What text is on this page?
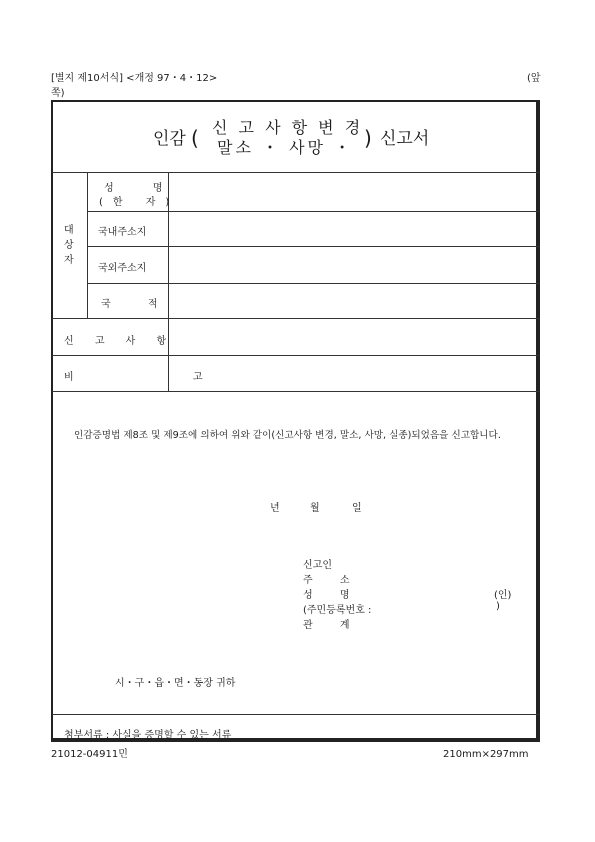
[별지 제10서식] <개정 97・4・12>	(앞
쪽)
인감 ( 신 고 사 항 변 경
말소 ・ 사망 ・ ) 신고서
대
상
자
성 명
(한 자)
국내주소지
국외주소지
국 적
신 고 사 항
비 고
인감증명법 제8조 및 제9조에 의하여 위와 같이(신고사항 변경, 말소, 사망, 실종)되었음을 신고합니다.
년	월	일
신고인
주 소
성 명	(인)
(주민등록번호 :	)
관 계
시・구・읍・면・동장 귀하
첨부서류 : 사실을 증명할 수 있는 서류
21012-04911민	210mm×297mm
